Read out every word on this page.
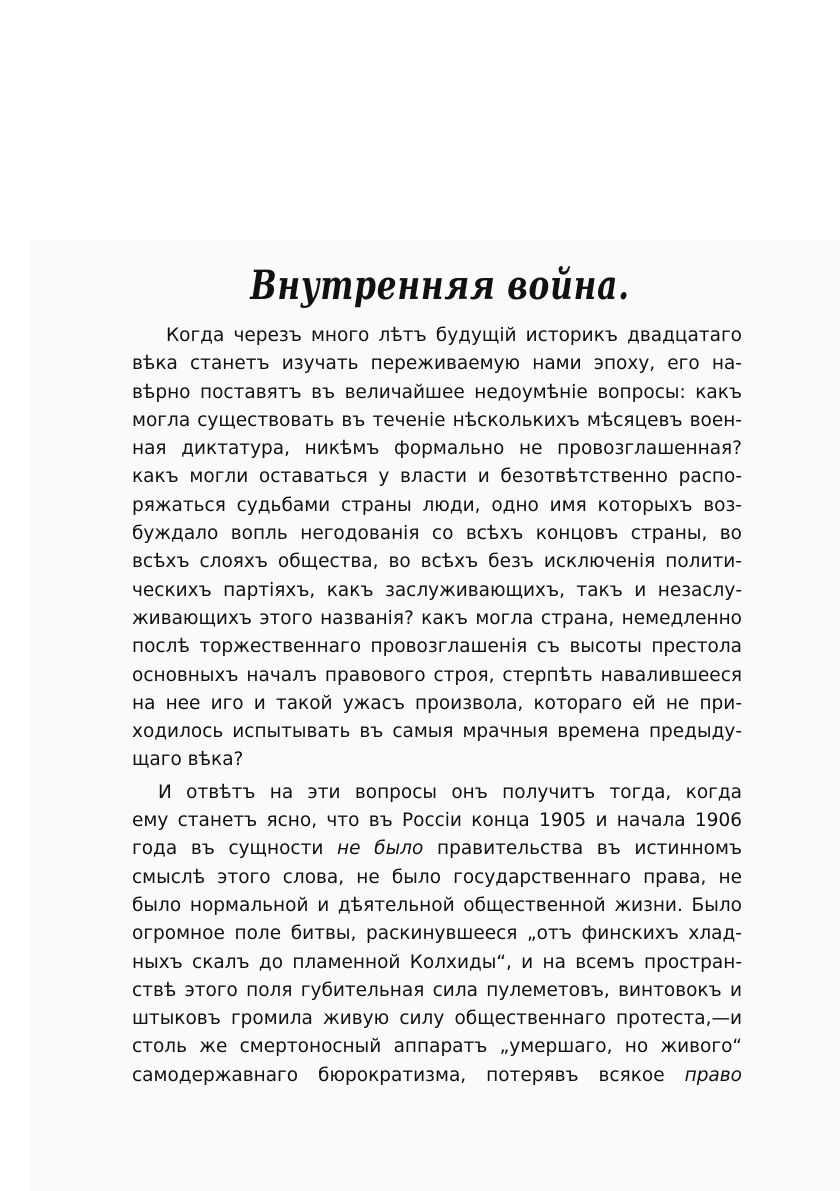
Внутренняя война.
Когда черезъ много лѣтъ будущій историкъ двадцатаго
вѣка станетъ изучать переживаемую нами эпоху, его на-
вѣрно поставятъ въ величайшее недоумѣніе вопросы: какъ
могла существовать въ теченіе нѣсколькихъ мѣсяцевъ воен-
ная диктатура, никѣмъ формально не провозглашенная?
какъ могли оставаться у власти и безотвѣтственно распо-
ряжаться судьбами страны люди, одно имя которыхъ воз-
буждало вопль негодованія со всѣхъ концовъ страны, во
всѣхъ слояхъ общества, во всѣхъ безъ исключенія полити-
ческихъ партіяхъ, какъ заслуживающихъ, такъ и незаслу-
живающихъ этого названія? какъ могла страна, немедленно
послѣ торжественнаго провозглашенія съ высоты престола
основныхъ началъ правового строя, стерпѣть навалившееся
на нее иго и такой ужасъ произвола, котораго ей не при-
ходилось испытывать въ самыя мрачныя времена предыду-
щаго вѣка?
И отвѣтъ на эти вопросы онъ получитъ тогда, когда
ему станетъ ясно, что въ Россіи конца 1905 и начала 1906
года въ сущности не было правительства въ истинномъ
смыслѣ этого слова, не было государственнаго права, не
было нормальной и дѣятельной общественной жизни. Было
огромное поле битвы, раскинувшееся „отъ финскихъ хлад-
ныхъ скалъ до пламенной Колхиды“, и на всемъ простран-
ствѣ этого поля губительная сила пулеметовъ, винтовокъ и
штыковъ громила живую силу общественнаго протеста,—и
столь же смертоносный аппаратъ „умершаго, но живого“
самодержавнаго бюрократизма, потерявъ всякое право
